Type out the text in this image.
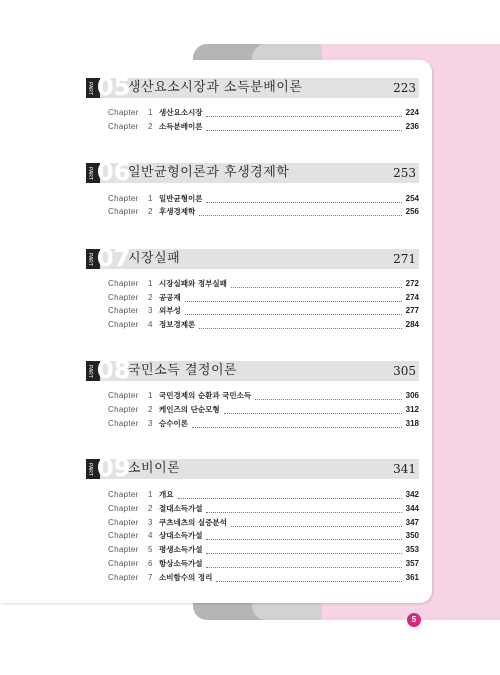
PART 05
생산요소시장과 소득분배이론	223
Chapter	1 생산요소시장	224
Chapter	2 소득분배이론	236
PART 06
일반균형이론과 후생경제학	253
Chapter	1 일반균형이론	254
Chapter	2 후생경제학	256
PART 07
시장실패	271
Chapter	1 시장실패와 정부실패	272
Chapter	2 공공재	274
Chapter	3 외부성	277
Chapter	4 정보경제론	284
PART 08
국민소득 결정이론	305
Chapter	1 국민경제의 순환과 국민소득	306
Chapter	2 케인즈의 단순모형	312
Chapter	3 승수이론	318
PART 09
소비이론	341
Chapter	1 개요	342
Chapter	2 절대소득가설	344
Chapter	3 쿠츠네츠의 실증분석	347
Chapter	4 상대소득가설	350
Chapter	5 평생소득가설	353
Chapter	6 항상소득가설	357
Chapter	7 소비함수의 정리	361
5
